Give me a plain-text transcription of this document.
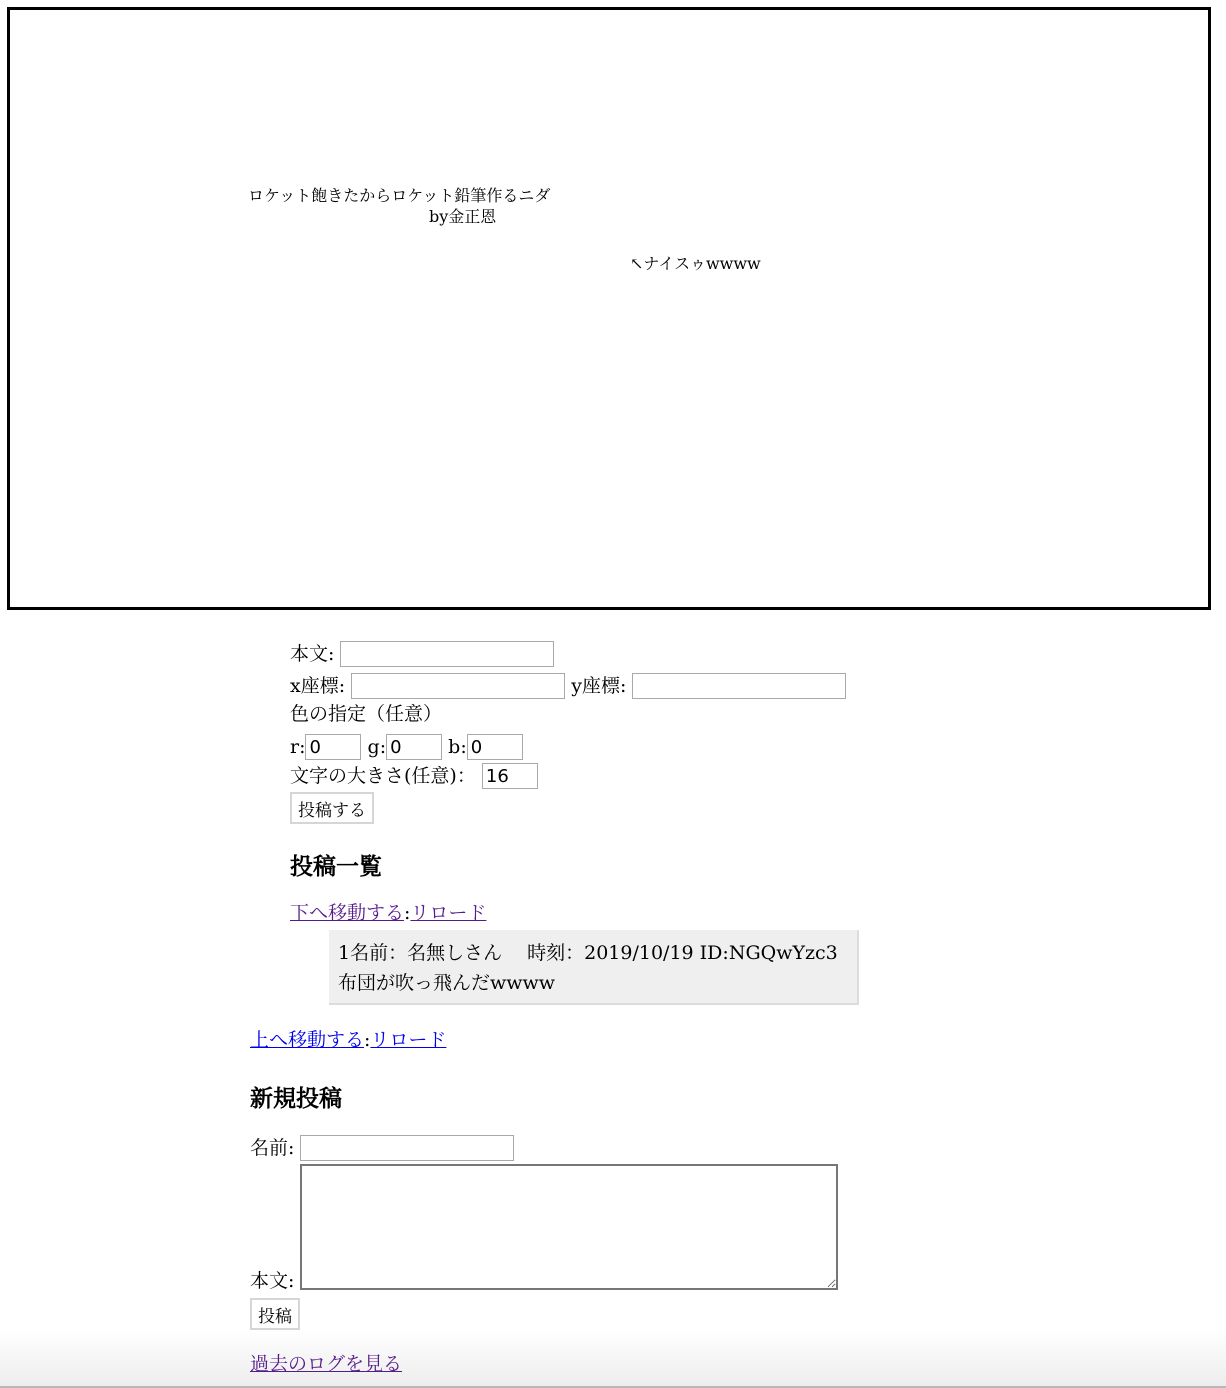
ロケット飽きたからロケット鉛筆作るニダ
by金正恩
↖ナイスゥwwww
本文:
x座標:	y座標:
色の指定（任意）
r:0	g:0	b:0
文字の大きさ(任意)： 16
投稿する
投稿一覧
下へ移動する:リロード
1名前：名無しさん　 時刻：2019/10/19 ID:NGQwYzc3
布団が吹っ飛んだwwww
上へ移動する:リロード
新規投稿
名前:
本文:
投稿
過去のログを見る
